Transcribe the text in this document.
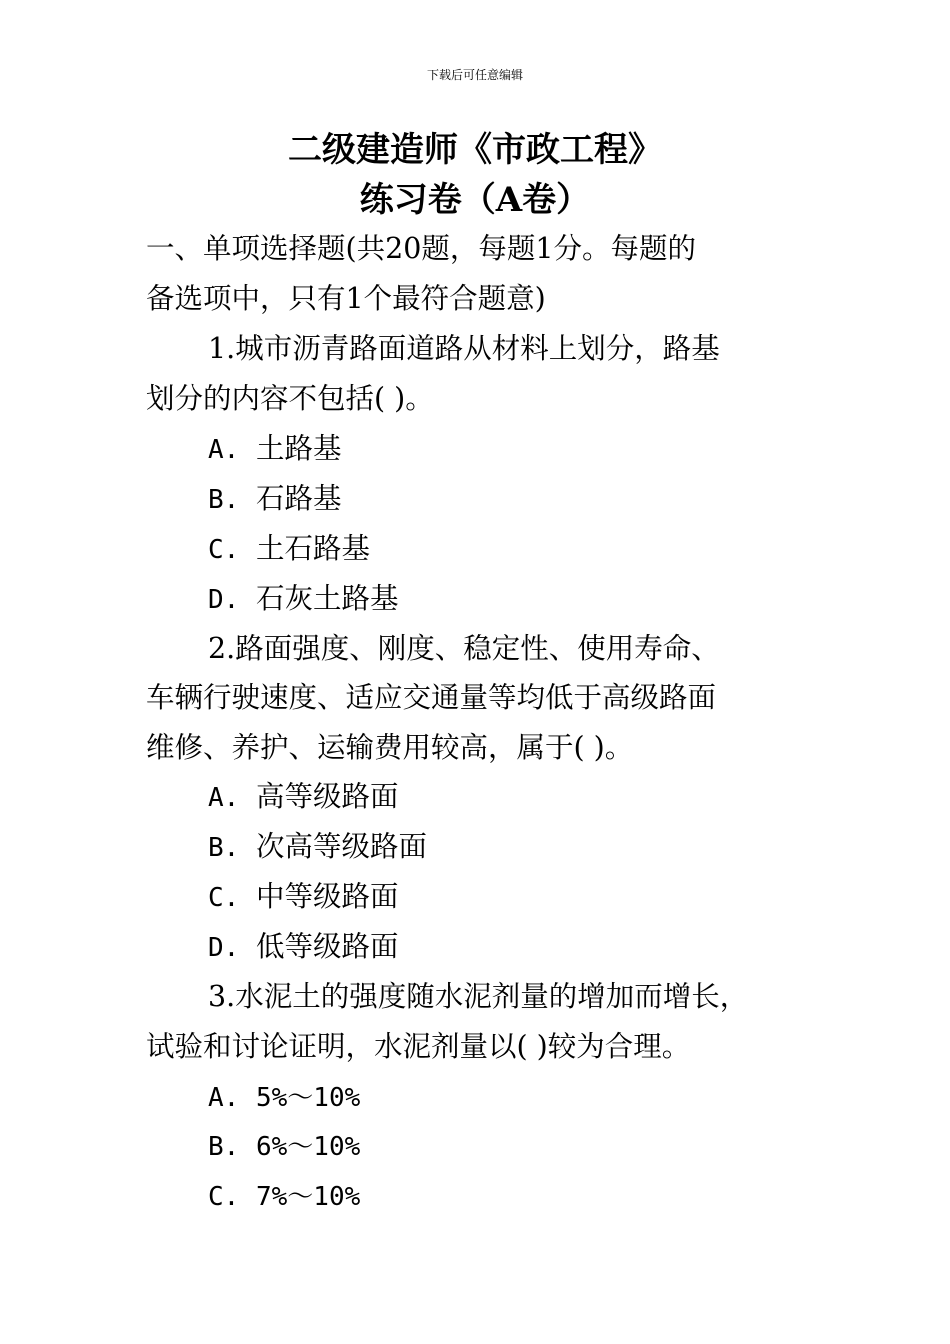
下载后可任意编辑
二级建造师《市政工程》
练习卷（A卷）
一、单项选择题(共20题，每题1分。每题的
备选项中，只有1个最符合题意)
1.城市沥青路面道路从材料上划分，路基
划分的内容不包括( )。
A. 土路基
B. 石路基
C. 土石路基
D. 石灰土路基
2.路面强度、刚度、稳定性、使用寿命、
车辆行驶速度、适应交通量等均低于高级路面
维修、养护、运输费用较高，属于( )。
A. 高等级路面
B. 次高等级路面
C. 中等级路面
D. 低等级路面
3.水泥土的强度随水泥剂量的增加而增长，
试验和讨论证明，水泥剂量以( )较为合理。
A. 5%～10%
B. 6%～10%
C. 7%～10%
